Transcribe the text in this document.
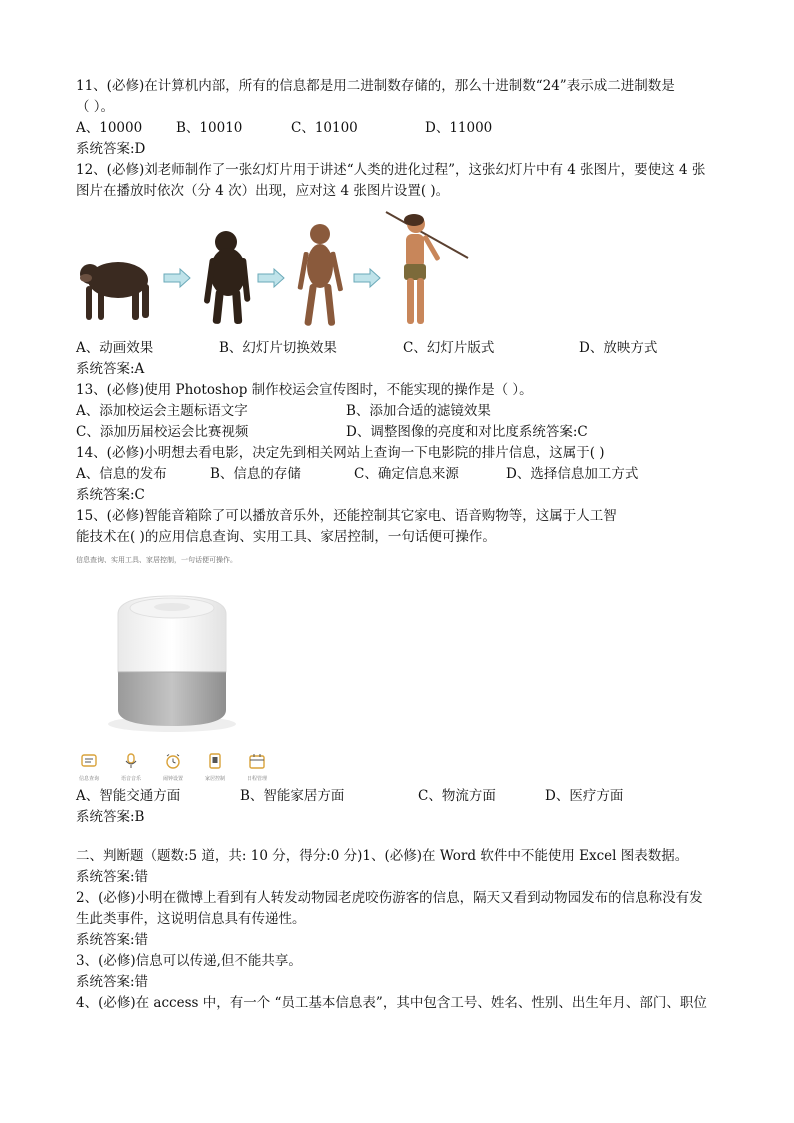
11、(必修)在计算机内部，所有的信息都是用二进制数存储的，那么十进制数“24”表示成二进制数是
（ ）。
A、10000	B、10010	C、10100	D、11000
系统答案:D
12、(必修)刘老师制作了一张幻灯片用于讲述“人类的进化过程”，这张幻灯片中有 4 张图片，要使这 4 张
图片在播放时依次（分 4 次）出现，应对这 4 张图片设置( )。
A、动画效果	B、幻灯片切换效果	C、幻灯片版式	D、放映方式
系统答案:A
13、(必修)使用 Photoshop 制作校运会宣传图时，不能实现的操作是（ ）。
A、添加校运会主题标语文字	B、添加合适的滤镜效果
C、添加历届校运会比赛视频	D、调整图像的亮度和对比度系统答案:C
14、(必修)小明想去看电影，决定先到相关网站上查询一下电影院的排片信息，这属于( )
A、信息的发布	B、信息的存储	C、确定信息来源	D、选择信息加工方式
系统答案:C
15、(必修)智能音箱除了可以播放音乐外，还能控制其它家电、语音购物等，这属于人工智
能技术在( )的应用信息查询、实用工具、家居控制，一句话便可操作。
信息查询、实用工具、家居控制，一句话便可操作。
信息查询	语音音乐	闹钟设置	家居控制	日程管理
A、智能交通方面	B、智能家居方面	C、物流方面	D、医疗方面
系统答案:B
二、判断题（题数:5 道，共: 10 分，得分:0 分)1、(必修)在 Word 软件中不能使用 Excel 图表数据。
系统答案:错
2、(必修)小明在微博上看到有人转发动物园老虎咬伤游客的信息，隔天又看到动物园发布的信息称没有发
生此类事件，这说明信息具有传递性。
系统答案:错
3、(必修)信息可以传递,但不能共享。
系统答案:错
4、(必修)在 access 中，有一个 “员工基本信息表”，其中包含工号、姓名、性别、出生年月、部门、职位
